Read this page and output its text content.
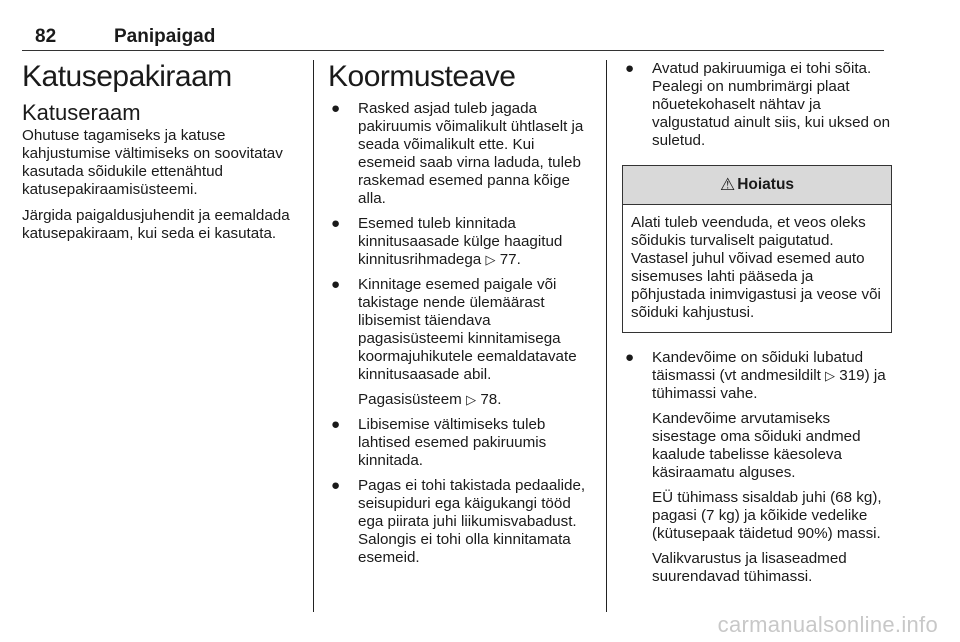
82	Panipaigad
Katusepakiraam
Katuseraam

Ohutuse tagamiseks ja katuse kahjustumise vältimiseks on soovitatav kasutada sõidukile ettenähtud katusepakiraamisüsteemi.

Järgida paigaldusjuhendit ja eemaldada katusepakiraam, kui seda ei kasutata.

Koormusteave
● Rasked asjad tuleb jagada pakiruumis võimalikult ühtlaselt ja seada võimalikult ette. Kui esemeid saab virna laduda, tuleb raskemad esemed panna kõige alla.
● Esemed tuleb kinnitada kinnitusaasade külge haagitud kinnitusrihmadega ▷ 77.
● Kinnitage esemed paigale või takistage nende ülemäärast libisemist täiendava pagasisüsteemi kinnitamisega koormajuhikutele eemaldatavate kinnitusaasade abil.
Pagasisüsteem ▷ 78.
● Libisemise vältimiseks tuleb lahtised esemed pakiruumis kinnitada.
● Pagas ei tohi takistada pedaalide, seisupiduri ega käigukangi tööd ega piirata juhi liikumisvabadust. Salongis ei tohi olla kinnitamata esemeid.
● Avatud pakiruumiga ei tohi sõita. Pealegi on numbrimärgi plaat nõuetekohaselt nähtav ja valgustatud ainult siis, kui uksed on suletud.
⚠ Hoiatus
Alati tuleb veenduda, et veos oleks sõidukis turvaliselt paigutatud. Vastasel juhul võivad esemed auto sisemuses lahti pääseda ja põhjustada inimvigastusi ja veose või sõiduki kahjustusi.
● Kandevõime on sõiduki lubatud täismassi (vt andmesildilt ▷ 319) ja tühimassi vahe.
Kandevõime arvutamiseks sisestage oma sõiduki andmed kaalude tabelisse käesoleva käsiraamatu alguses.
EÜ tühimass sisaldab juhi (68 kg), pagasi (7 kg) ja kõikide vedelike (kütusepaak täidetud 90%) massi.
Valikvarustus ja lisaseadmed suurendavad tühimassi.
carmanualsonline.info
